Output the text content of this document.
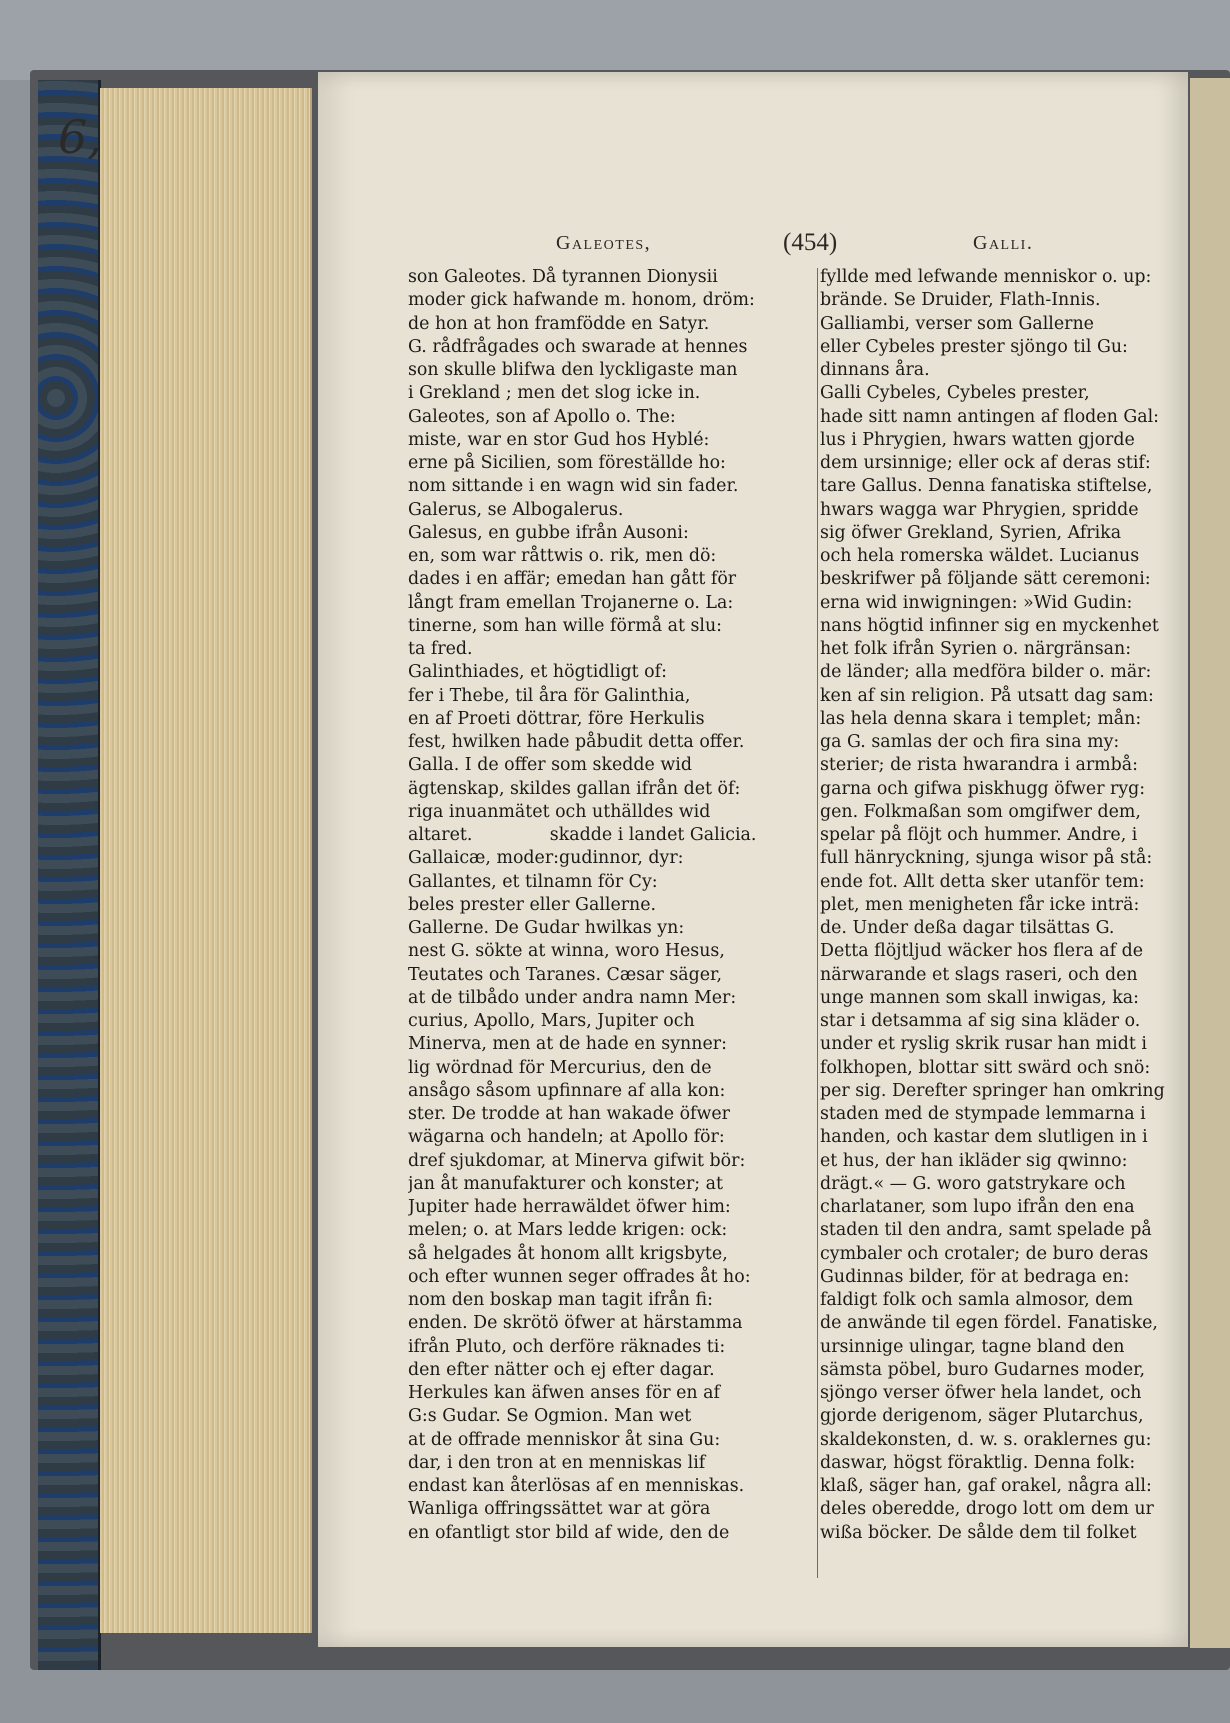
6,
Galeotes,	(454)	Galli.
son Galeotes. Då tyrannen Dionysii
moder gick hafwande m. honom, dröm:
de hon at hon framfödde en Satyr.
G. rådfrågades och swarade at hennes
son skulle blifwa den lyckligaste man
i Grekland ; men det slog icke in.
Galeotes, son af Apollo o. The:
miste, war en stor Gud hos Hyblé:
erne på Sicilien, som föreställde ho:
nom sittande i en wagn wid sin fader.
Galerus, se Albogalerus.
Galesus, en gubbe ifrån Ausoni:
en, som war råttwis o. rik, men dö:
dades i en affär; emedan han gått för
långt fram emellan Trojanerne o. La:
tinerne, som han wille förmå at slu:
ta fred.
Galinthiades, et högtidligt of:
fer i Thebe, til åra för Galinthia,
en af Proeti döttrar, före Herkulis
fest, hwilken hade påbudit detta offer.
Galla. I de offer som skedde wid
ägtenskap, skildes gallan ifrån det öf:
riga inuanmätet och uthälldes wid
altaret.              skadde i landet Galicia.
Gallaicæ, moder:gudinnor, dyr:
Gallantes, et tilnamn för Cy:
beles prester eller Gallerne.
Gallerne. De Gudar hwilkas yn:
nest G. sökte at winna, woro Hesus,
Teutates och Taranes. Cæsar säger,
at de tilbådo under andra namn Mer:
curius, Apollo, Mars, Jupiter och
Minerva, men at de hade en synner:
lig wördnad för Mercurius, den de
ansågo såsom upfinnare af alla kon:
ster. De trodde at han wakade öfwer
wägarna och handeln; at Apollo för:
dref sjukdomar, at Minerva gifwit bör:
jan åt manufakturer och konster; at
Jupiter hade herrawäldet öfwer him:
melen; o. at Mars ledde krigen: ock:
så helgades åt honom allt krigsbyte,
och efter wunnen seger offrades åt ho:
nom den boskap man tagit ifrån fi:
enden. De skrötö öfwer at härstamma
ifrån Pluto, och derföre räknades ti:
den efter nätter och ej efter dagar.
Herkules kan äfwen anses för en af
G:s Gudar. Se Ogmion. Man wet
at de offrade menniskor åt sina Gu:
dar, i den tron at en menniskas lif
endast kan återlösas af en menniskas.
Wanliga offringssättet war at göra
en ofantligt stor bild af wide, den de
fyllde med lefwande menniskor o. up:
brände. Se Druider, Flath-Innis.
Galliambi, verser som Gallerne
eller Cybeles prester sjöngo til Gu:
dinnans åra.
Galli Cybeles, Cybeles prester,
hade sitt namn antingen af floden Gal:
lus i Phrygien, hwars watten gjorde
dem ursinnige; eller ock af deras stif:
tare Gallus. Denna fanatiska stiftelse,
hwars wagga war Phrygien, spridde
sig öfwer Grekland, Syrien, Afrika
och hela romerska wäldet. Lucianus
beskrifwer på följande sätt ceremoni:
erna wid inwigningen: »Wid Gudin:
nans högtid infinner sig en myckenhet
het folk ifrån Syrien o. närgränsan:
de länder; alla medföra bilder o. mär:
ken af sin religion. På utsatt dag sam:
las hela denna skara i templet; mån:
ga G. samlas der och fira sina my:
sterier; de rista hwarandra i armbå:
garna och gifwa piskhugg öfwer ryg:
gen. Folkmaßan som omgifwer dem,
spelar på flöjt och hummer. Andre, i
full hänryckning, sjunga wisor på stå:
ende fot. Allt detta sker utanför tem:
plet, men menigheten får icke inträ:
de. Under deßa dagar tilsättas G.
Detta flöjtljud wäcker hos flera af de
närwarande et slags raseri, och den
unge mannen som skall inwigas, ka:
star i detsamma af sig sina kläder o.
under et ryslig skrik rusar han midt i
folkhopen, blottar sitt swärd och snö:
per sig. Derefter springer han omkring
staden med de stympade lemmarna i
handen, och kastar dem slutligen in i
et hus, der han ikläder sig qwinno:
drägt.« — G. woro gatstrykare och
charlataner, som lupo ifrån den ena
staden til den andra, samt spelade på
cymbaler och crotaler; de buro deras
Gudinnas bilder, för at bedraga en:
faldigt folk och samla almosor, dem
de anwände til egen fördel. Fanatiske,
ursinnige ulingar, tagne bland den
sämsta pöbel, buro Gudarnes moder,
sjöngo verser öfwer hela landet, och
gjorde derigenom, säger Plutarchus,
skaldekonsten, d. w. s. oraklernes gu:
daswar, högst föraktlig. Denna folk:
klaß, säger han, gaf orakel, några all:
deles oberedde, drogo lott om dem ur
wißa böcker. De sålde dem til folket
